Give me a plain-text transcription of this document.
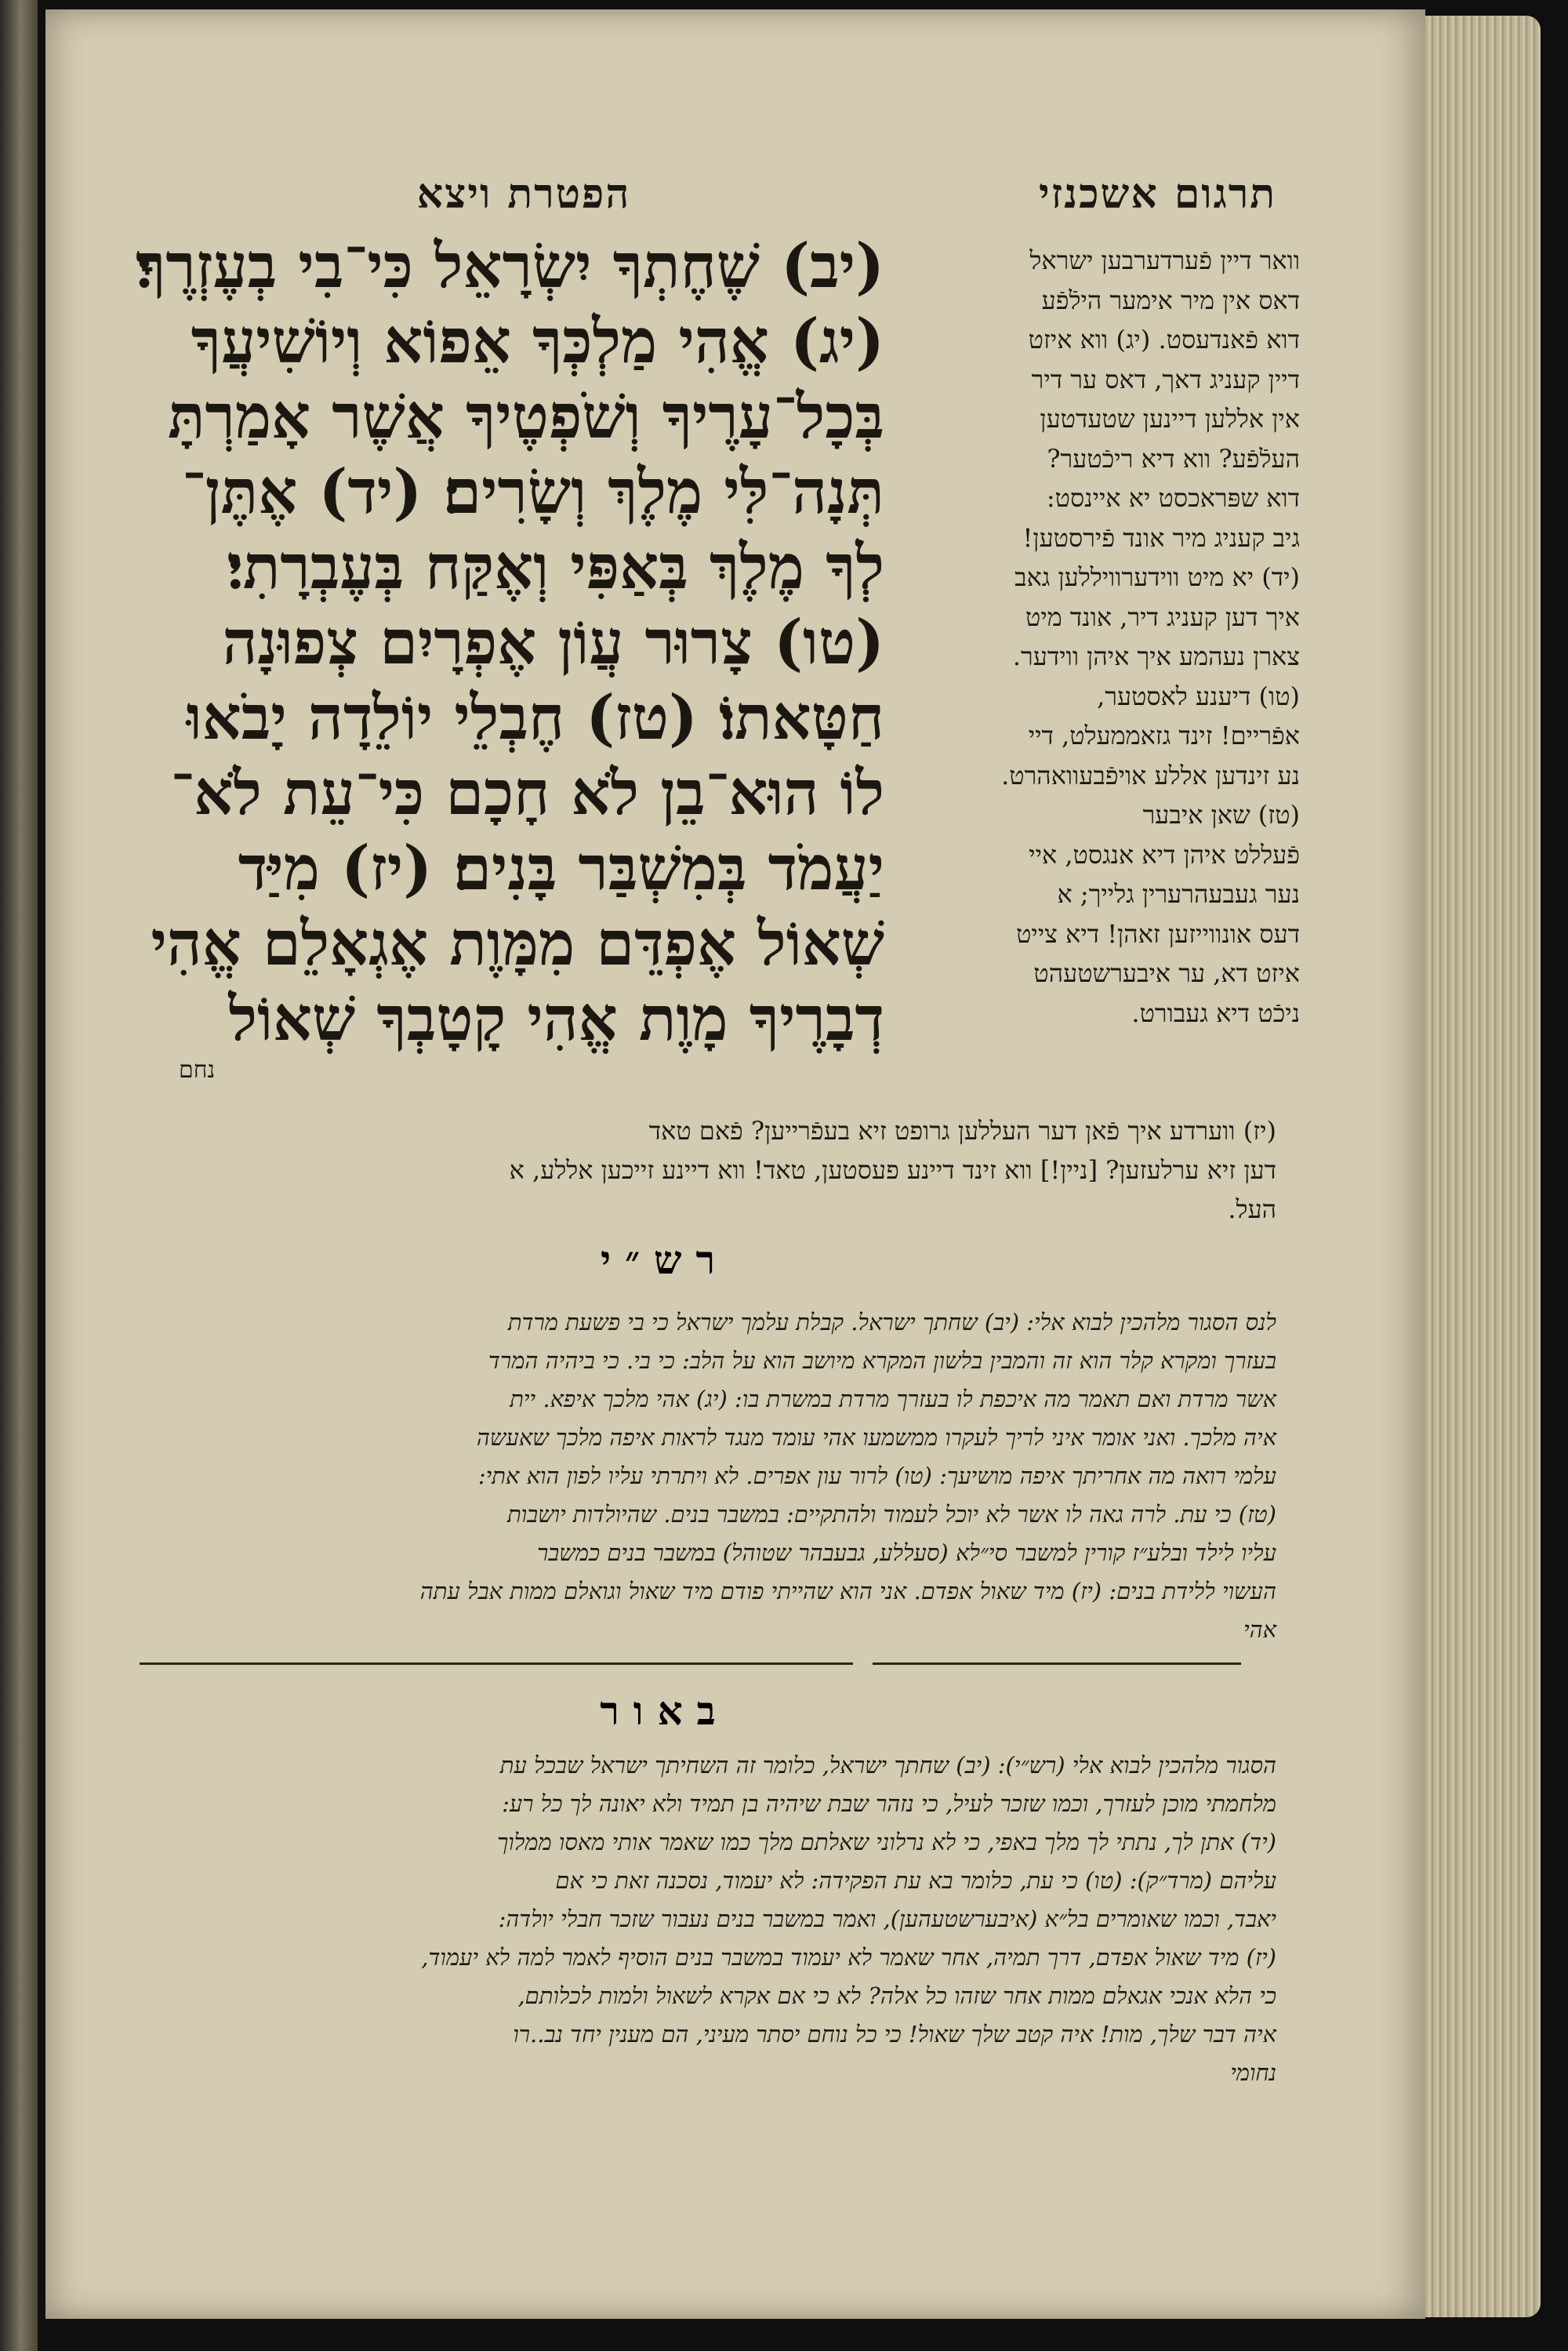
תרגום אשכנזי
הפטרת ויצא
(יב) שֶׁחֶתְךָ יִשְׂרָאֵל כִּי־בִי בְעֶזְרֶךָ׃
(יג) אֱהִי מַלְכְּךָ אֵפוֹא וְיוֹשִׁיעֲךָ
בְּכָל־עָרֶיךָ וְשֹׁפְטֶיךָ אֲשֶׁר אָמַרְתָּ
תְּנָה־לִּי מֶלֶךְ וְשָׂרִים׃ (יד) אֶתֶּן־
לְךָ מֶלֶךְ בְּאַפִּי וְאֶקַּח בְּעֶבְרָתִי׃
(טו) צָרוּר עֲוֹן אֶפְרָיִם צְפוּנָה
חַטָּאתוֹ׃ (טז) חֶבְלֵי יוֹלֵדָה יָבֹאוּ
לוֹ הוּא־בֵן לֹא חָכָם כִּי־עֵת לֹא־
יַעֲמֹד בְּמִשְׁבַּר בָּנִים׃ (יז) מִיַּד
שְׁאוֹל אֶפְדֵּם מִמָּוֶת אֶגְאָלֵם אֱהִי
דְבָרֶיךָ מָוֶת אֱהִי קָטָבְךָ שְׁאוֹל
נחם
וואר דיין פֿערדערבען ישראל
דאס אין מיר אימער הילֿפֿע
דוא פֿאנדעסט. (יג) ווא איזט
דיין קעניג דאך, דאס ער דיר
אין אללען דיינען שטעדטען
העלֿפֿע? ווא דיא ריכֿטער?
דוא שפּראכסט יא איינסט:
גיב קעניג מיר אונד פֿירסטען!
(יד) יא מיט ווידערוויללען גאב
איך דען קעניג דיר, אונד מיט
צארן נעהמע איך איהן ווידער.
(טו) דיענע לאסטער,
אפֿריים! זינד גזאממעלט, דיי
נע זינדען אללע אויפֿבעוואהרט.
(טז) שאן איבער
פֿעללט איהן דיא אנגסט, איי
נער געבעהרערין גלייך; א
דעס אונווייזען זאהן! דיא צייט
איזט דא, ער איבערשטעהט
ניכֿט דיא געבורט.
(יז) ווערדע איך פֿאן דער העללען גרופט זיא בעפֿרייען? פֿאם טאד
דען זיא ערלעזען? [ניין!] ווא זינד דיינע פעסטען, טאד! ווא דיינע זייכען אללע, א
העל.
רש״י
לנס הסגור מלהכין לבוא אלי: (יב) שחתך ישראל. קבלת עלמך ישראל כי בי פשעת מרדת
בעזרך ומקרא קלר הוא זה והמבין בלשון המקרא מיושב הוא על הלב: כי בי. כי ביהיה המרד
אשר מרדת ואם תאמר מה איכפת לו בעזרך מרדת במשרת בו: (יג) אהי מלכך איפא. יית
איה מלכך. ואני אומר איני לריך לעקרו ממשמעו אהי עומד מנגד לראות איפה מלכך שאעשה
עלמי רואה מה אחריתך איפה מושיעך: (טו) לרור עון אפרים. לא ויתרתי עליו לפון הוא אתי:
(טז) כי עת. לרה גאה לו אשר לא יוכל לעמוד ולהתקיים: במשבר בנים. שהיולדות יושבות
עליו לילד ובלע״ז קורין למשבר סי״לא (סעללע, גבעבהר שטוהל) במשבר בנים כמשבר
העשוי ללידת בנים: (יז) מיד שאול אפדם. אני הוא שהייתי פודם מיד שאול וגואלם ממות אבל עתה
אהי
באור
הסגור מלהכין לבוא אלי (רש״י): (יב) שחתך ישראל, כלומר זה השחיתך ישראל שבכל עת
מלחמתי מוכן לעזרך, וכמו שזכר לעיל, כי נזהר שבת שיהיה בן תמיד ולא יאונה לך כל רע:
(יד) אתן לך, נתתי לך מלך באפי, כי לא נרלוני שאלתם מלך כמו שאמר אותי מאסו ממלוך
עליהם (מרד״ק): (טו) כי עת, כלומר בא עת הפקידה: לא יעמוד, נסכנה זאת כי אם
יאבד, וכמו שאומרים בל״א (איבערשטעהען), ואמר במשבר בנים נעבור שזכר חבלי יולדה:
(יז) מיד שאול אפדם, דרך תמיה, אחר שאמר לא יעמוד במשבר בנים הוסיף לאמר למה לא יעמוד,
כי הלא אנכי אגאלם ממות אחר שזהו כל אלה? לא כי אם אקרא לשאול ולמות לכלותם,
איה דבר שלך, מות! איה קטב שלך שאול! כי כל נוחם יסתר מעיני, הם מענין יחד נב..רו
נחומי
